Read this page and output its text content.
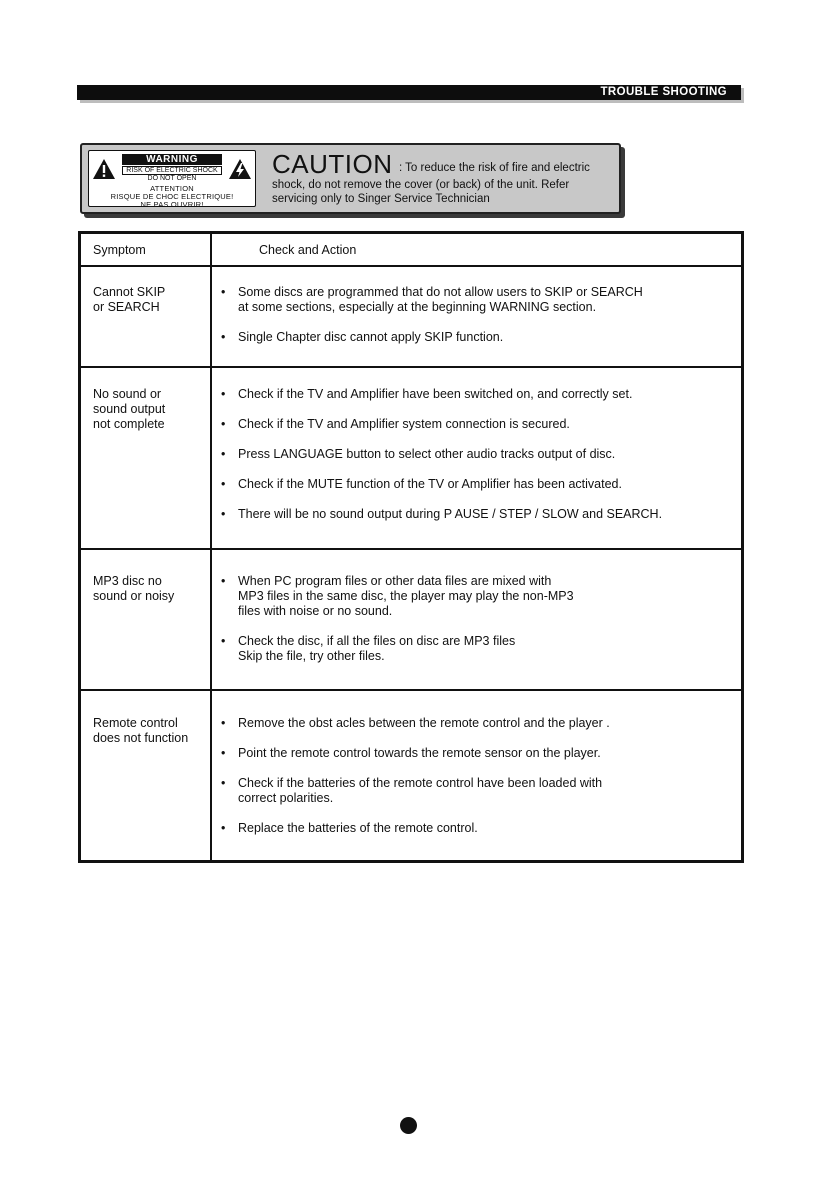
TROUBLE SHOOTING
WARNING
RISK OF ELECTRIC SHOCK
DO NOT OPEN
ATTENTION
RISQUE DE CHOC ELECTRIQUE!
NE PAS OUVRIR!
CAUTION : To reduce the risk of fire and electric
shock, do not remove the cover (or back) of the unit. Refer
servicing only to Singer Service Technician
Symptom	Check and Action
Cannot SKIP
or SEARCH
• Some discs are programmed that do not allow users to SKIP or SEARCH
at some sections, especially at the beginning WARNING section.
• Single Chapter disc cannot apply SKIP function.
No sound or
sound output
not complete
• Check if the TV and Amplifier have been switched on, and correctly set.
• Check if the TV and Amplifier system connection is secured.
• Press LANGUAGE button to select other audio tracks output of disc.
• Check if the MUTE function of the TV or Amplifier has been activated.
• There will be no sound output during P AUSE / STEP / SLOW and SEARCH.
MP3 disc no
sound or noisy
• When PC program files or other data files are mixed with
MP3 files in the same disc, the player may play the non-MP3
files with noise or no sound.
• Check the disc, if all the files on disc are MP3 files
Skip the file, try other files.
Remote control
does not function
• Remove the obst acles between the remote control and the player .
• Point the remote control towards the remote sensor on the player.
• Check if the batteries of the remote control have been loaded with
correct polarities.
• Replace the batteries of the remote control.
